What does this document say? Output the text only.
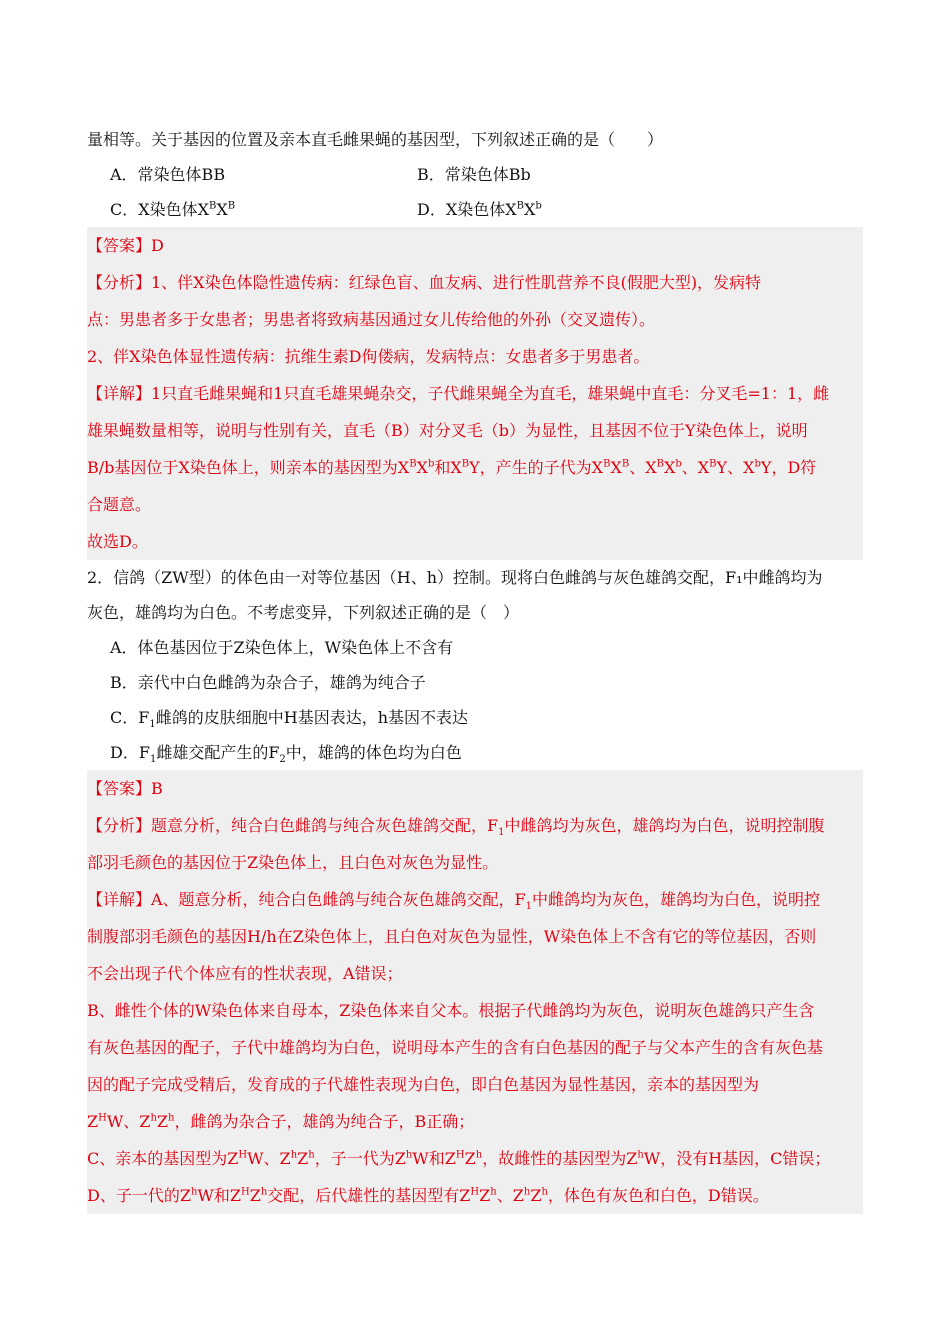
量相等。关于基因的位置及亲本直毛雌果蝇的基因型，下列叙述正确的是（　　）
A．常染色体BB	B．常染色体Bb
C．X染色体$X^BX^B$	D．X染色体$X^BX^b$
【答案】D
【分析】1、伴X染色体隐性遗传病：红绿色盲、血友病、进行性肌营养不良(假肥大型)，发病特
点：男患者多于女患者；男患者将致病基因通过女儿传给他的外孙（交叉遗传）。
2、伴X染色体显性遗传病：抗维生素D佝偻病，发病特点：女患者多于男患者。
【详解】1只直毛雌果蝇和1只直毛雄果蝇杂交，子代雌果蝇全为直毛，雄果蝇中直毛：分叉毛=1：1，雌
雄果蝇数量相等，说明与性别有关，直毛（B）对分叉毛（b）为显性，且基因不位于Y染色体上，说明
B/b基因位于X染色体上，则亲本的基因型为$X^BX^b$和$X^BY$，产生的子代为$X^BX^B$、$X^BX^b$、$X^BY$、$X^bY$，D符
合题意。
故选D。
2．信鸽（ZW型）的体色由一对等位基因（H、h）控制。现将白色雌鸽与灰色雄鸽交配，F₁中雌鸽均为
灰色，雄鸽均为白色。不考虑变异，下列叙述正确的是（　）
A．体色基因位于Z染色体上，W染色体上不含有
B．亲代中白色雌鸽为杂合子，雄鸽为纯合子
C．$F_1$雌鸽的皮肤细胞中H基因表达，h基因不表达
D．$F_1$雌雄交配产生的$F_2$中，雄鸽的体色均为白色
【答案】B
【分析】题意分析，纯合白色雌鸽与纯合灰色雄鸽交配，$F_1$中雌鸽均为灰色，雄鸽均为白色，说明控制腹
部羽毛颜色的基因位于Z染色体上，且白色对灰色为显性。
【详解】A、题意分析，纯合白色雌鸽与纯合灰色雄鸽交配，$F_1$中雌鸽均为灰色，雄鸽均为白色，说明控
制腹部羽毛颜色的基因H/h在Z染色体上，且白色对灰色为显性，W染色体上不含有它的等位基因，否则
不会出现子代个体应有的性状表现，A错误；
B、雌性个体的W染色体来自母本，Z染色体来自父本。根据子代雌鸽均为灰色，说明灰色雄鸽只产生含
有灰色基因的配子，子代中雄鸽均为白色，说明母本产生的含有白色基因的配子与父本产生的含有灰色基
因的配子完成受精后，发育成的子代雄性表现为白色，即白色基因为显性基因，亲本的基因型为
$Z^HW$、$Z^hZ^h$，雌鸽为杂合子，雄鸽为纯合子，B正确；
C、亲本的基因型为$Z^HW$、$Z^hZ^h$，子一代为$Z^hW$和$Z^HZ^h$，故雌性的基因型为$Z^hW$，没有H基因，C错误；
D、子一代的$Z^hW$和$Z^HZ^h$交配，后代雄性的基因型有$Z^HZ^h$、$Z^hZ^h$，体色有灰色和白色，D错误。
